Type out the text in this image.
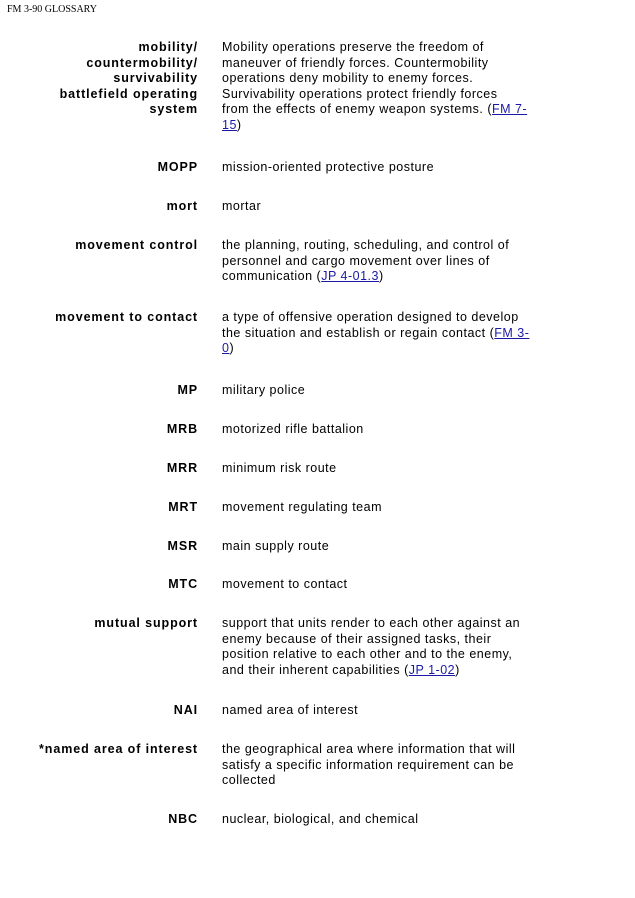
FM 3-90 GLOSSARY
mobility/
countermobility/
survivability
battlefield operating
system
Mobility operations preserve the freedom of
maneuver of friendly forces. Countermobility
operations deny mobility to enemy forces.
Survivability operations protect friendly forces
from the effects of enemy weapon systems. (FM 7-
15)
MOPP mission-oriented protective posture
mort mortar
movement control the planning, routing, scheduling, and control of
personnel and cargo movement over lines of
communication (JP 4-01.3)
movement to contact a type of offensive operation designed to develop
the situation and establish or regain contact (FM 3-
0)
MP military police
MRB motorized rifle battalion
MRR minimum risk route
MRT movement regulating team
MSR main supply route
MTC movement to contact
mutual support support that units render to each other against an
enemy because of their assigned tasks, their
position relative to each other and to the enemy,
and their inherent capabilities (JP 1-02)
NAI named area of interest
*named area of interest the geographical area where information that will
satisfy a specific information requirement can be
collected
NBC nuclear, biological, and chemical
